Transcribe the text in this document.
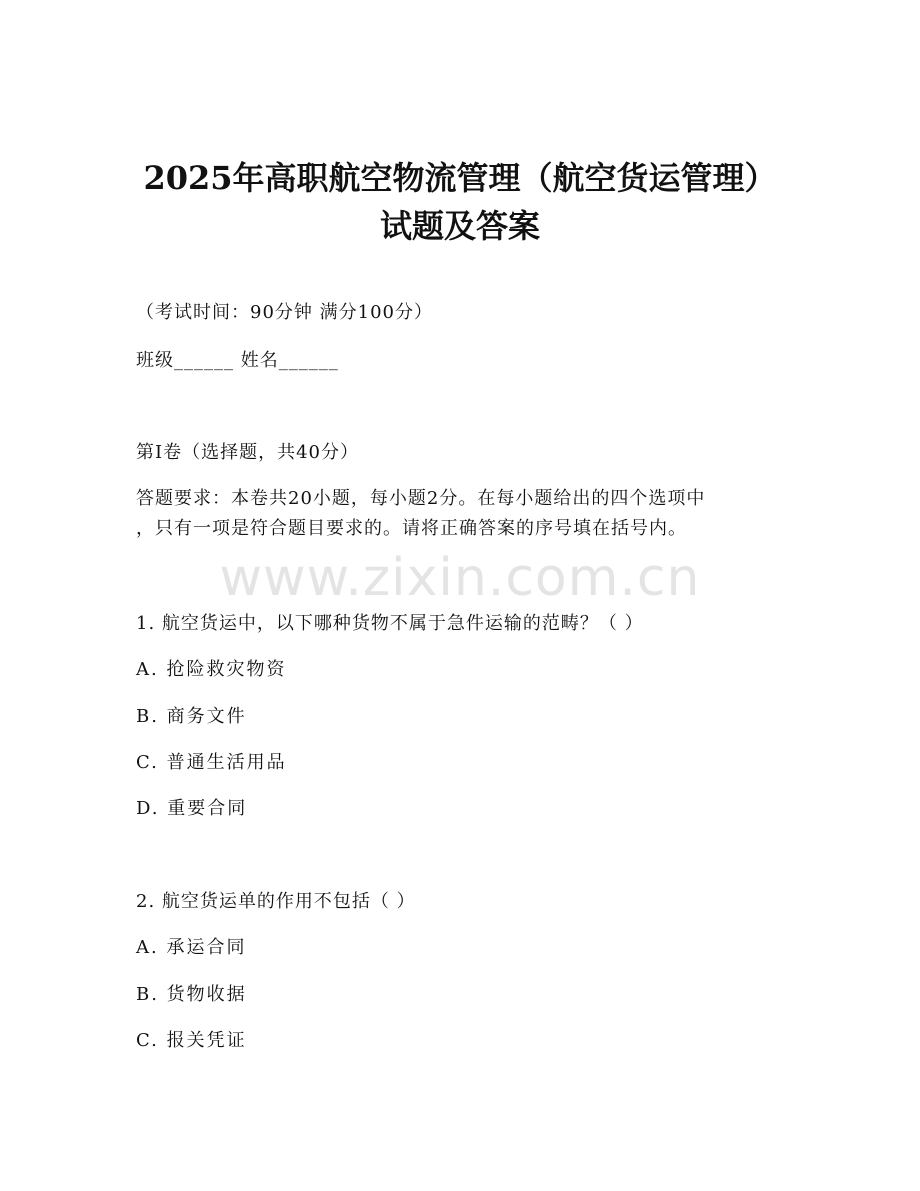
2025年高职航空物流管理（航空货运管理）
试题及答案
（考试时间：90分钟 满分100分）
班级______ 姓名______
第I卷（选择题，共40分）
答题要求：本卷共20小题，每小题2分。在每小题给出的四个选项中
，只有一项是符合题目要求的。请将正确答案的序号填在括号内。
www.zixin.com.cn
1. 航空货运中，以下哪种货物不属于急件运输的范畴？（ ）
A. 抢险救灾物资
B. 商务文件
C. 普通生活用品
D. 重要合同
2. 航空货运单的作用不包括（ ）
A. 承运合同
B. 货物收据
C. 报关凭证
